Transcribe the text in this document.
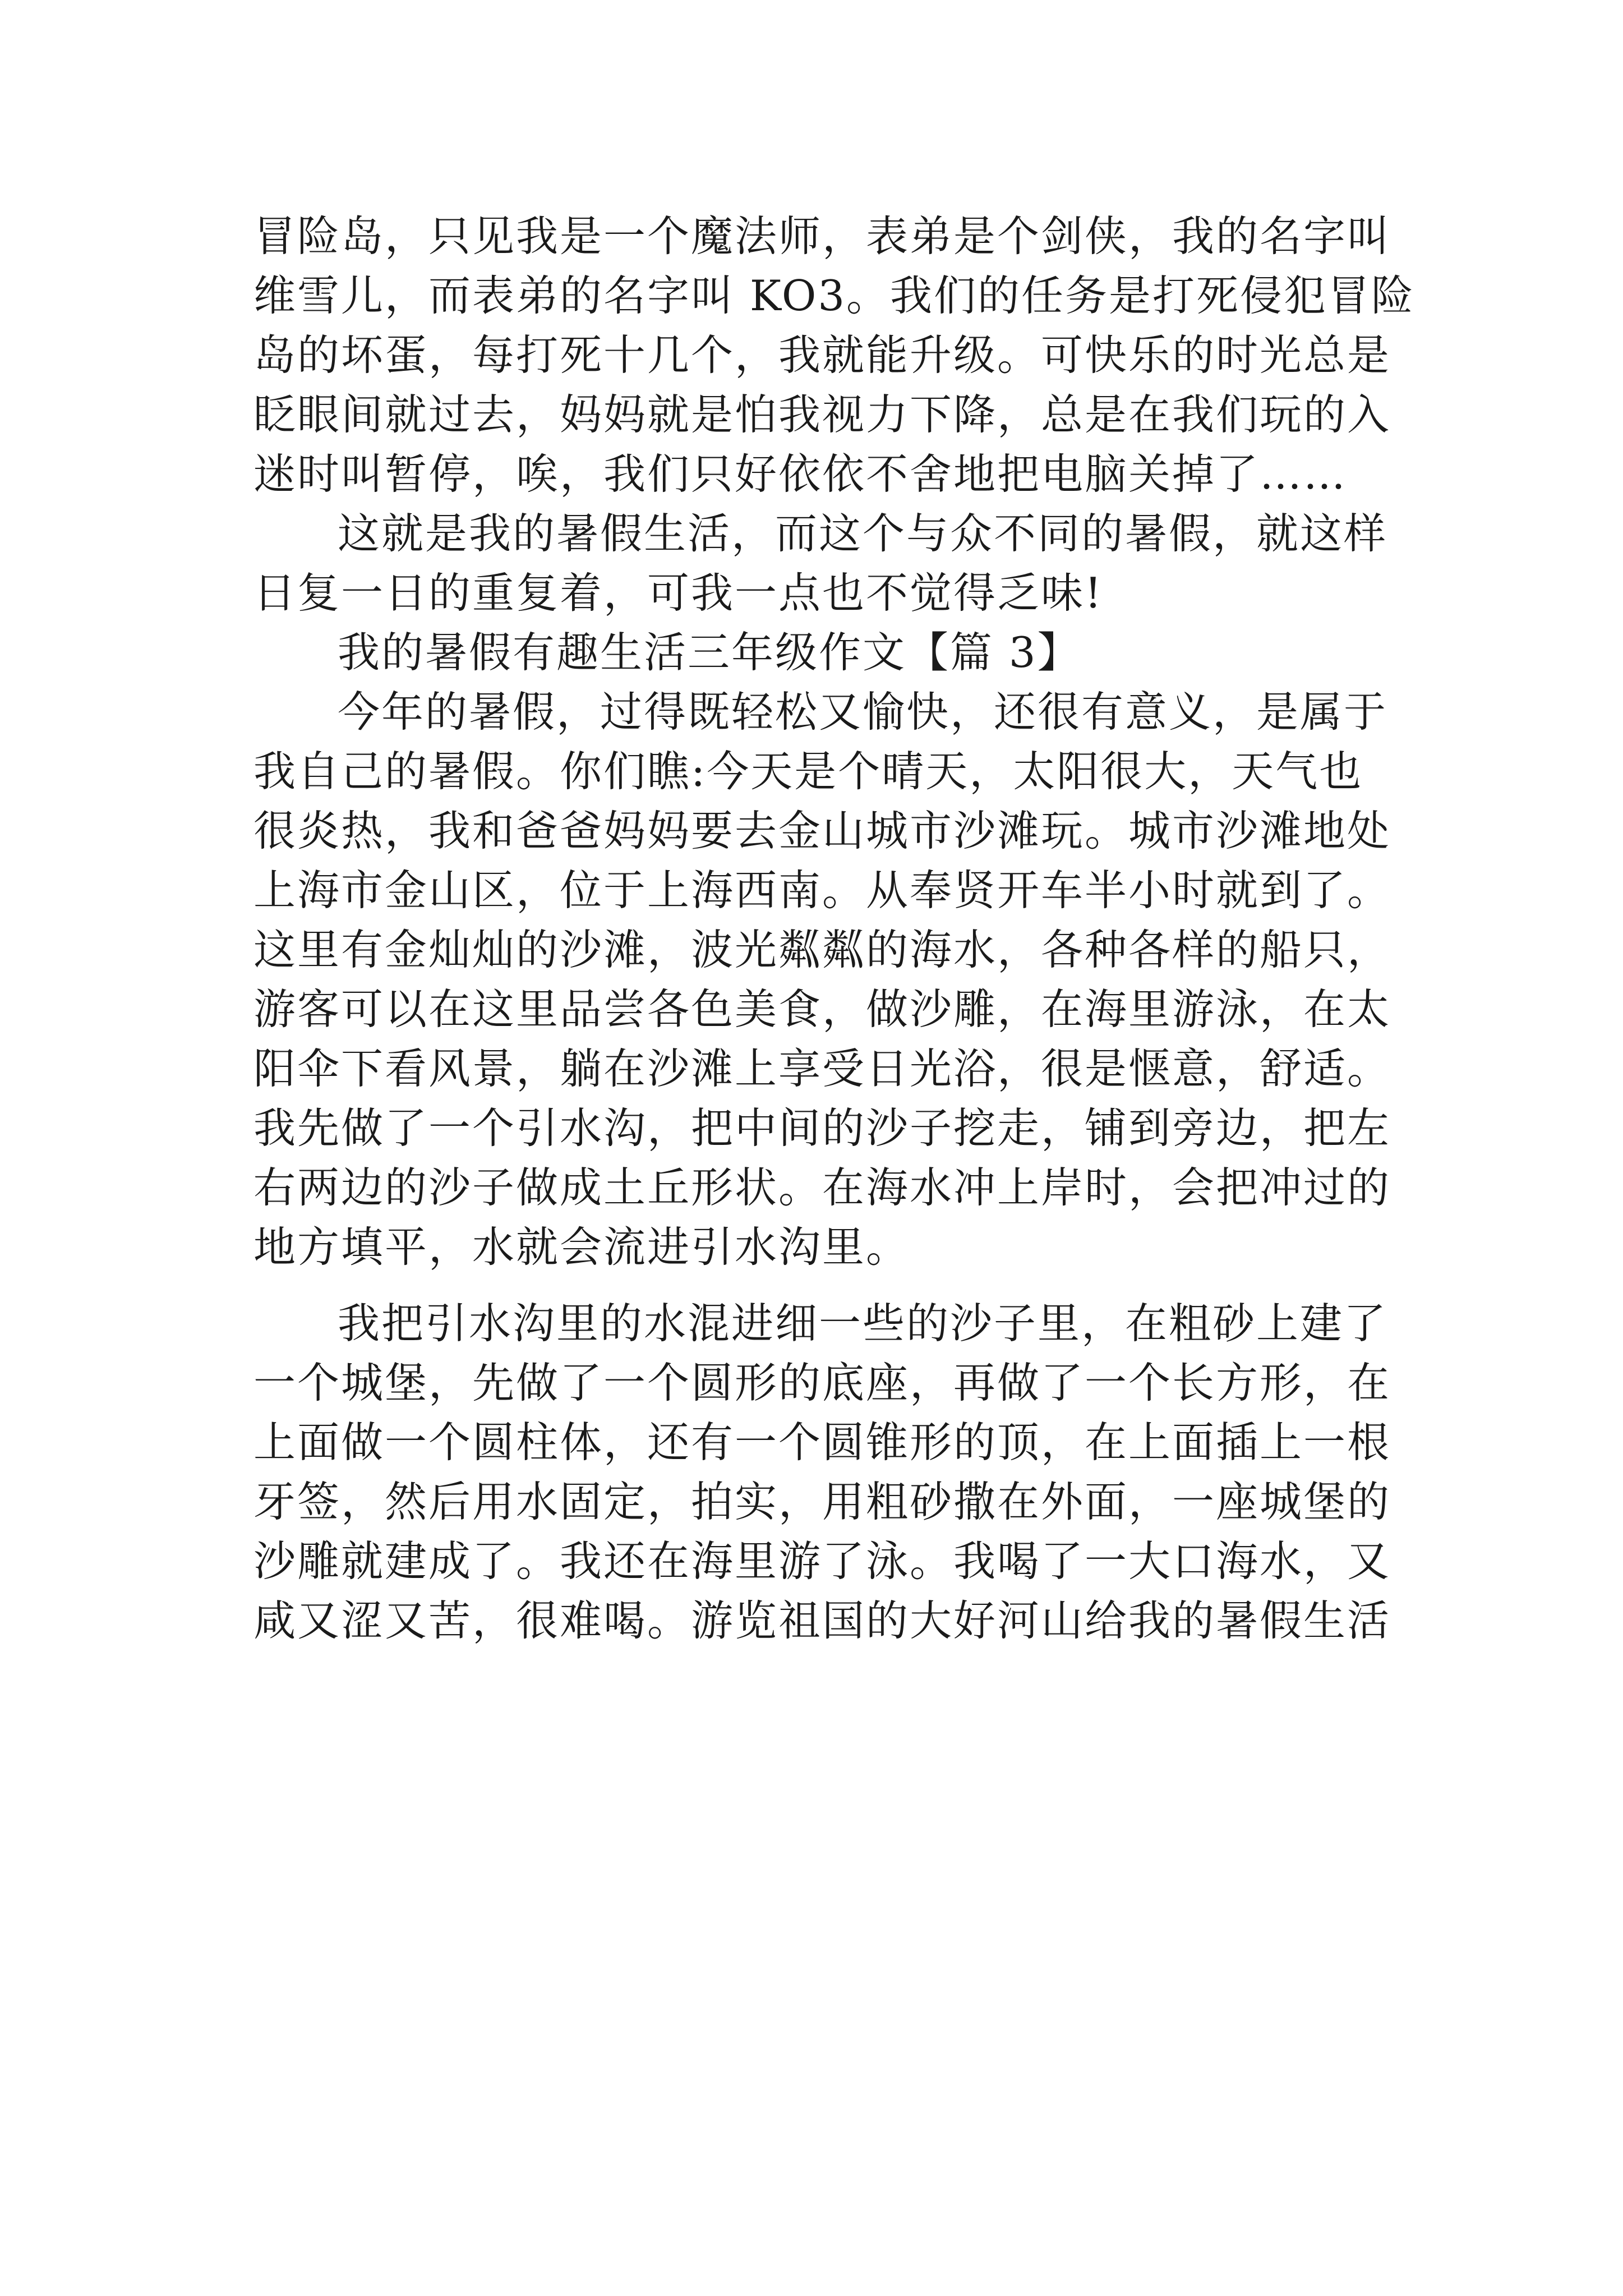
冒险岛，只见我是一个魔法师，表弟是个剑侠，我的名字叫
维雪儿，而表弟的名字叫 KO3。我们的任务是打死侵犯冒险
岛的坏蛋，每打死十几个，我就能升级。可快乐的时光总是
眨眼间就过去，妈妈就是怕我视力下降，总是在我们玩的入
迷时叫暂停，唉，我们只好依依不舍地把电脑关掉了……
这就是我的暑假生活，而这个与众不同的暑假，就这样
日复一日的重复着，可我一点也不觉得乏味!
我的暑假有趣生活三年级作文【篇 3】
今年的暑假，过得既轻松又愉快，还很有意义，是属于
我自己的暑假。你们瞧:今天是个晴天，太阳很大，天气也
很炎热，我和爸爸妈妈要去金山城市沙滩玩。城市沙滩地处
上海市金山区，位于上海西南。从奉贤开车半小时就到了。
这里有金灿灿的沙滩，波光粼粼的海水，各种各样的船只，
游客可以在这里品尝各色美食，做沙雕，在海里游泳，在太
阳伞下看风景，躺在沙滩上享受日光浴，很是惬意，舒适。
我先做了一个引水沟，把中间的沙子挖走，铺到旁边，把左
右两边的沙子做成土丘形状。在海水冲上岸时，会把冲过的
地方填平，水就会流进引水沟里。
我把引水沟里的水混进细一些的沙子里，在粗砂上建了
一个城堡，先做了一个圆形的底座，再做了一个长方形，在
上面做一个圆柱体，还有一个圆锥形的顶，在上面插上一根
牙签，然后用水固定，拍实，用粗砂撒在外面，一座城堡的
沙雕就建成了。我还在海里游了泳。我喝了一大口海水，又
咸又涩又苦，很难喝。游览祖国的大好河山给我的暑假生活
